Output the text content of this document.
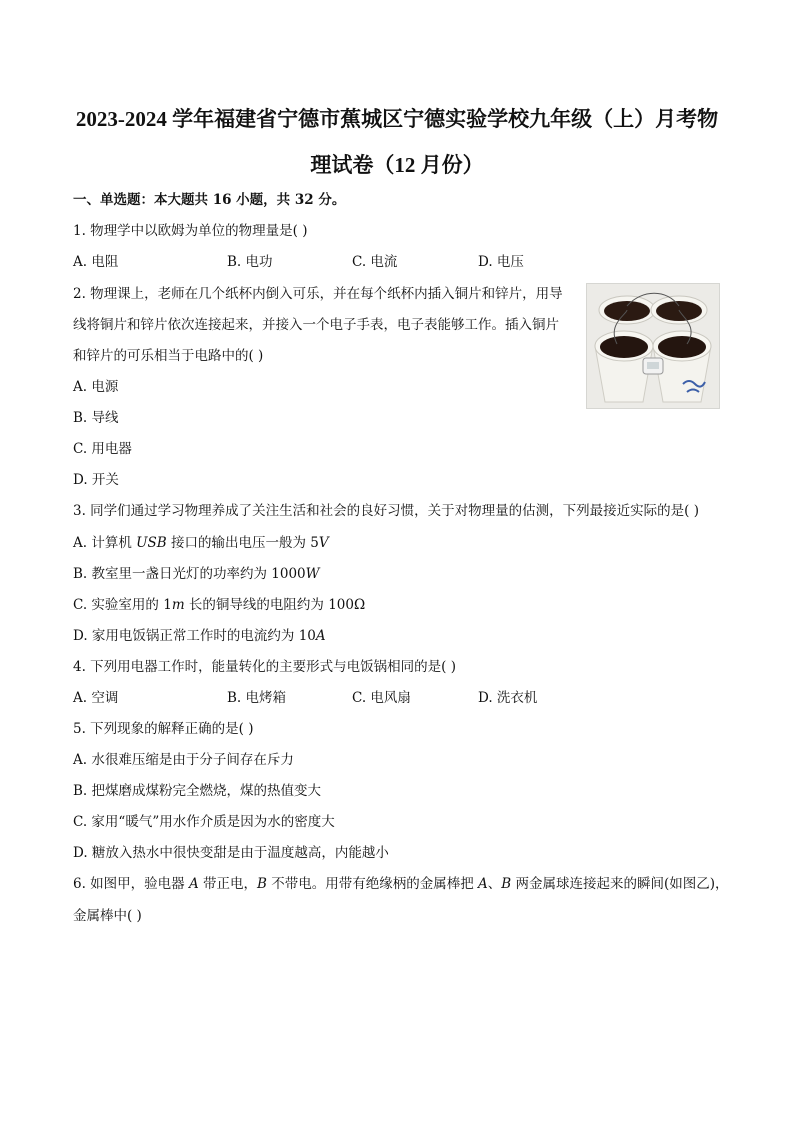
2023-2024 学年福建省宁德市蕉城区宁德实验学校九年级（上）月考物
理试卷（12 月份）
一、单选题：本大题共 16 小题，共 32 分。
1. 物理学中以欧姆为单位的物理量是( )
A. 电阻	B. 电功	C. 电流	D. 电压
2. 物理课上，老师在几个纸杯内倒入可乐，并在每个纸杯内插入铜片和锌片，用导
线将铜片和锌片依次连接起来，并接入一个电子手表，电子表能够工作。插入铜片
和锌片的可乐相当于电路中的( )
A. 电源
B. 导线
C. 用电器
D. 开关
3. 同学们通过学习物理养成了关注生活和社会的良好习惯，关于对物理量的估测，下列最接近实际的是( )
A. 计算机 USB 接口的输出电压一般为 5V
B. 教室里一盏日光灯的功率约为 1000W
C. 实验室用的 1m 长的铜导线的电阻约为 100Ω
D. 家用电饭锅正常工作时的电流约为 10A
4. 下列用电器工作时，能量转化的主要形式与电饭锅相同的是( )
A. 空调	B. 电烤箱	C. 电风扇	D. 洗衣机
5. 下列现象的解释正确的是( )
A. 水很难压缩是由于分子间存在斥力
B. 把煤磨成煤粉完全燃烧，煤的热值变大
C. 家用“暖气”用水作介质是因为水的密度大
D. 糖放入热水中很快变甜是由于温度越高，内能越小
6. 如图甲，验电器 A 带正电，B 不带电。用带有绝缘柄的金属棒把 A、B 两金属球连接起来的瞬间(如图乙)，
金属棒中( )
